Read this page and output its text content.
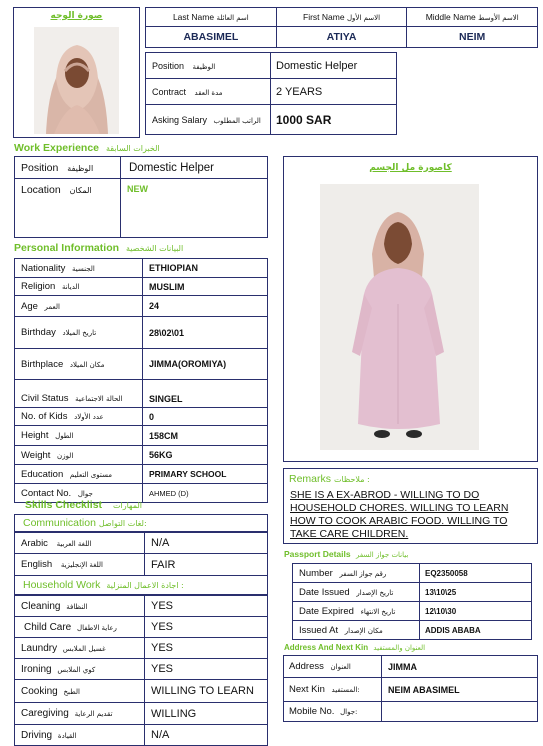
صورة الوجه	Last Name اسم العائلة	First Name الاسم الأول	Middle Name الاسم الأوسط
ABASIMEL	ATIYA	NEIM
Position الوظيفة	Domestic Helper
Contract مدة العقد	2 YEARS
Asking Salary الراتب المطلوب	1000 SAR
Work Experience الخبرات السابقة
Position الوظيفة	Domestic Helper
Location المكان	NEW
كاصورة مل الجسم
Personal Information البيانات الشخصية
Nationality الجنسية	ETHIOPIAN
Religion الديانة	MUSLIM
Age العمر	24
Birthday تاريخ الميلاد	28\02\01
Birthplace مكان الميلاد	JIMMA(OROMIYA)
Civil Status الحالة الاجتماعية	SINGEL
No. of Kids عدد الأولاد	0
Height الطول	158CM
Weight الوزن	56KG
Education مستوى التعليم	PRIMARY SCHOOL
Contact No. جوال	AHMED (D)
Remarks ملاحظات :
SHE IS A EX-ABROD - WILLING TO DO HOUSEHOLD CHORES. WILLING TO LEARN HOW TO COOK ARABIC FOOD. WILLING TO TAKE CARE CHILDREN.
Skills Checklist المهارات
Communication لغات التواصل:
Arabic اللغة العربية	N/A
English اللغة الإنجليزية	FAIR
Household Work اجادة الاعمال المنزلية :
Cleaning النظافة	YES
Child Care رعاية الاطفال	YES
Laundry غسيل الملابس	YES
Ironing كوي الملابس	YES
Cooking الطبخ	WILLING TO LEARN
Caregiving تقديم الرعاية	WILLING
Driving القيادة	N/A
Passport Details بيانات جواز السفر
Number رقم جواز السفر	EQ2350058
Date Issued تاريخ الإصدار	13\10\25
Date Expired تاريخ الانتهاء	12\10\30
Issued At مكان الإصدار	ADDIS ABABA
Address And Next Kin العنوان والمستفيد
Address العنوان	JIMMA
Next Kin المستفيد:	NEIM ABASIMEL
Mobile No. جوال:	
